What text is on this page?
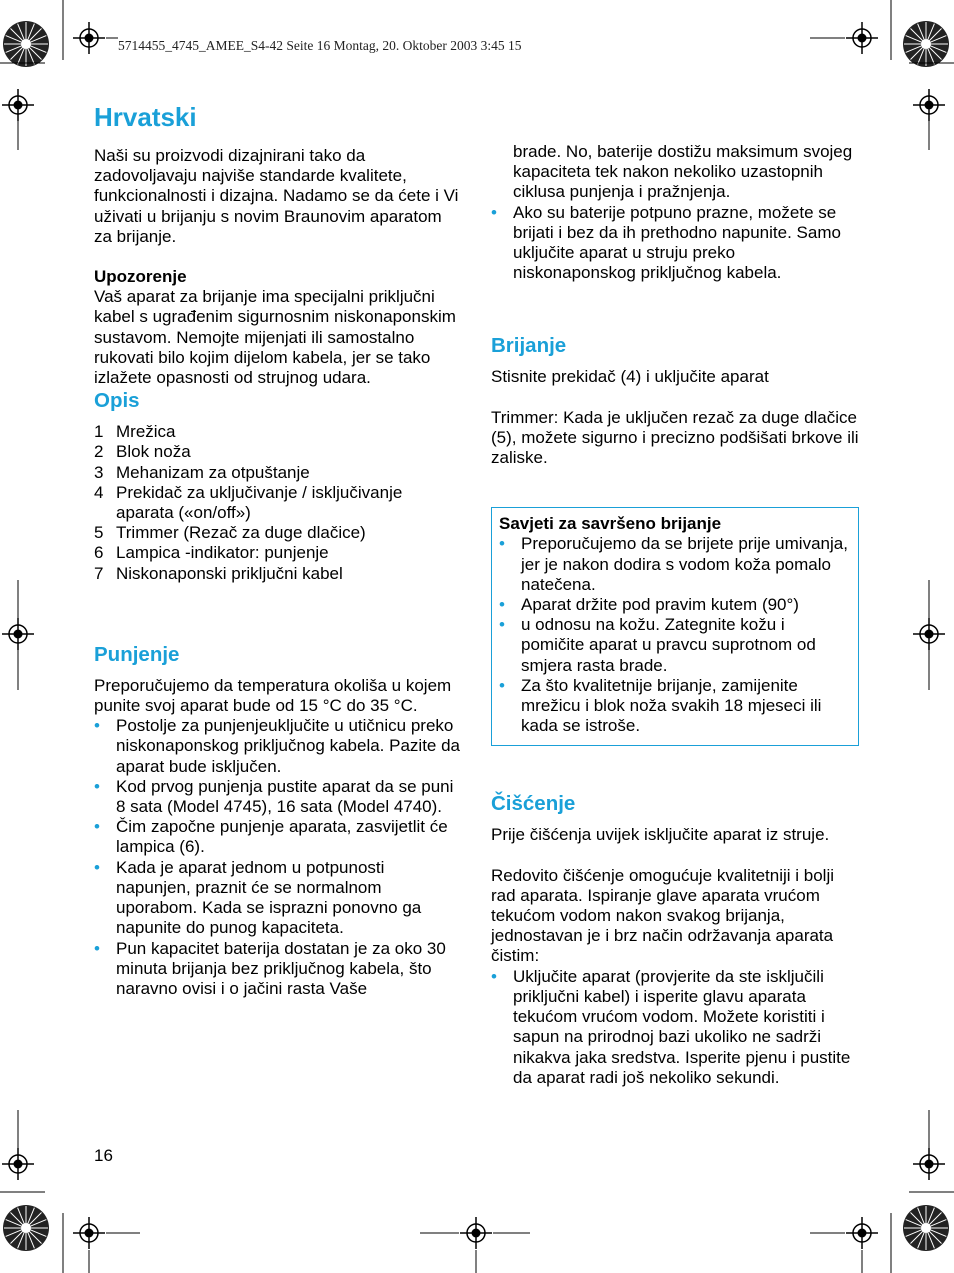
5714455_4745_AMEE_S4-42 Seite 16 Montag, 20. Oktober 2003 3:45 15
Hrvatski

Naši su proizvodi dizajnirani tako da zadovoljavaju najviše standarde kvalitete, funkcionalnosti i dizajna. Nadamo se da ćete i Vi uživati u brijanju s novim Braunovim aparatom za brijanje.

Upozorenje

Vaš aparat za brijanje ima specijalni priključni kabel s ugrađenim sigurnosnim niskonaponskim sustavom. Nemojte mijenjati ili samostalno rukovati bilo kojim dijelom kabela, jer se tako izlažete opasnosti od strujnog udara.

Opis
1 Mrežica
2 Blok noža
3 Mehanizam za otpuštanje
4 Prekidač za uključivanje / isključivanje aparata («on/off»)
5 Trimmer (Rezač za duge dlačice)
6 Lampica -indikator: punjenje
7 Niskonaponski priključni kabel
Punjenje

Preporučujemo da temperatura okoliša u kojem punite svoj aparat bude od 15 °C do 35 °C.

• Postolje za punjenjeuključite u utičnicu preko niskonaponskog priključnog kabela. Pazite da aparat bude isključen.
• Kod prvog punjenja pustite aparat da se puni 8 sata (Model 4745), 16 sata (Model 4740).
• Čim započne punjenje aparata, zasvijetlit će lampica (6).
• Kada je aparat jednom u potpunosti napunjen, praznit će se normalnom uporabom. Kada se isprazni ponovno ga napunite do punog kapaciteta.
• Pun kapacitet baterija dostatan je za oko 30 minuta brijanja bez priključnog kabela, što naravno ovisi i o jačini rasta Vaše

brade. No, baterije dostižu maksimum svojeg kapaciteta tek nakon nekoliko uzastopnih ciklusa punjenja i pražnjenja.

• Ako su baterije potpuno prazne, možete se brijati i bez da ih prethodno napunite. Samo uključite aparat u struju preko niskonaponskog priključnog kabela.
Brijanje

Stisnite prekidač (4) i uključite aparat

Trimmer: Kada je uključen rezač za duge dlačice (5), možete sigurno i precizno podšišati brkove ili zaliske.

Savjeti za savršeno brijanje

• Preporučujemo da se brijete prije umivanja, jer je nakon dodira s vodom koža pomalo natečena.
• Aparat držite pod pravim kutem (90°)
• u odnosu na kožu. Zategnite kožu i pomičite aparat u pravcu suprotnom od smjera rasta brade.
• Za što kvalitetnije brijanje, zamijenite mrežicu i blok noža svakih 18 mjeseci ili kada se istroše.
Čišćenje

Prije čišćenja uvijek isključite aparat iz struje.

Redovito čišćenje omogućuje kvalitetniji i bolji rad aparata. Ispiranje glave aparata vrućom tekućom vodom nakon svakog brijanja, jednostavan je i brz način održavanja aparata čistim:

• Uključite aparat (provjerite da ste isključili priključni kabel) i isperite glavu aparata tekućom vrućom vodom. Možete koristiti i sapun na prirodnoj bazi ukoliko ne sadrži nikakva jaka sredstva. Isperite pjenu i pustite da aparat radi još nekoliko sekundi.
16
